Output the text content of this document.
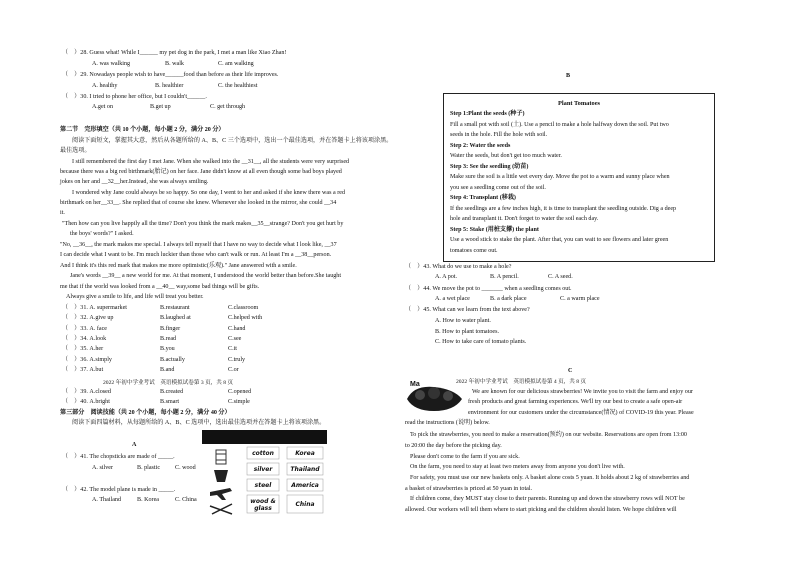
（　）28. Guess what! While I______ my pet dog in the park, I met a man like Xiao Zhan!
A. was walking	B. walk	C. am walking
（　）29. Nowadays people wish to have______food than before as their life improves.
A. healthy	B. healthier	C. the healthiest
（　）30. I tried to phone her office, but I couldn't______.
A.get on	B.get up	C. get through
第二节　完形填空（共 10 个小题，每小题 2 分，满分 20 分）
阅读下面短文，掌握其大意，然后从各题所给的 A、B、C 三个选项中，选出一个最佳选项，并在答题卡上将该项涂黑。
最佳选项。
I still remembered the first day I met Jane. When she walked into the __31__, all the students were very surprised
because there was a big red birthmark(胎记) on her face. Jane didn't know at all even though some bad boys played
jokes on her and __32__her.Instead, she was always smiling.
I wondered why Jane could always be so happy. So one day, I went to her and asked if she knew there was a red
birthmark on her__33__. She replied that of course she knew. Whenever she looked in the mirror, she could __34
it.
"Then how can you live happily all the time? Don't you think the mark makes__35__strange? Don't you get hurt by
the boys' words?" I asked.
"No, __36__, the mark makes me special. I always tell myself that I have no way to decide what I look like, __37
I can decide what I want to be. I'm much luckier than those who can't walk or run. At least I'm a __38__person.
And I think it's this red mark that makes me more optimistic(乐观)." Jane answered with a smile.
Jane's words __39__ a new world for me. At that moment, I understood the world better than before.She taught
me that if the world was looked from a __40__ way,some bad things will be gifts.
Always give a smile to life, and life will treat you better.
（　）31. A. supermarket	B.restaurant	C.classroom
（　）32. A.give up	B.laughed at	C.helped with
（　）33. A. face	B.finger	C.hand
（　）34. A.look	B.read	C.see
（　）35. A.her	B.you	C.it
（　）36. A.simply	B.actually	C.truly
（　）37. A.but	B.and	C.or
2022 年初中学业考试　英语模拟试卷第 3 页，共 8 页
（　）39. A.closed	B.created	C.opened
（　）40. A.bright	B.smart	C.simple
第三部分　阅读技能（共 20 个小题，每小题 2 分，满分 40 分）
阅读下面四篇材料，从每题所给的 A、B、C 选项中，选出最佳选项并在答题卡上将该项涂黑。
A
（　）41. The chopsticks are made of _____.
A. silver	B. plastic C. wood
（　）42. The model plane is made in _____.
A. Thailand	B. Korea	C. China
cotton	Korea
silver	Thailand
steel	America
wood &
glass
China
B
Plant Tomatoes
Step 1:Plant the seeds (种子)
Fill a small pot with soil (土). Use a pencil to make a hole halfway down the soil. Put two
seeds in the hole. Fill the hole with soil.
Step 2: Water the seeds
Water the seeds, but don't get too much water.
Step 3: See the seedling (幼苗)
Make sure the soil is a little wet every day. Move the pot to a warm and sunny place when
you see a seedling come out of the soil.
Step 4: Transplant (移栽)
If the seedlings are a few inches high, it is time to transplant the seedling outside. Dig a deep
hole and transplant it. Don't forget to water the soil each day.
Step 5: Stake (用桩支撑) the plant
Use a wood stick to stake the plant. After that, you can wait to see flowers and later green
tomatoes come out.
（　）43. What do we use to make a hole?
A. A pot.	B. A pencil.	C. A seed.
（　）44. We move the pot to _______ when a seedling comes out.
A. a wet place	B. a dark place	C. a warm place
（　）45. What can we learn from the text above?
A. How to water plant.
B. How to plant tomatoes.
C. How to take care of tomato plants.
C
Ma	2022 年初中学业考试　英语模拟试卷第 4 页，共 8 页
We are known for our delicious strawberries! We invite you to visit the farm and enjoy our
fresh products and great farming experiences. We'll try our best to create a safe open-air
environment for our customers under the circumstance(情况) of COVID-19 this year. Please
read the instructions (说明) below.
To pick the strawberries, you need to make a reservation(预约) on our website. Reservations are open from 13:00
to 20:00 the day before the picking day.
Please don't come to the farm if you are sick.
On the farm, you need to stay at least two meters away from anyone you don't live with.
For safety, you must use our new baskets only. A basket alone costs 5 yuan. It holds about 2 kg of strawberries and
a basket of strawberries is priced at 50 yuan in total.
If children come, they MUST stay close to their parents. Running up and down the strawberry rows will NOT be
allowed. Our workers will tell them where to start picking and the children should listen. We hope children will
